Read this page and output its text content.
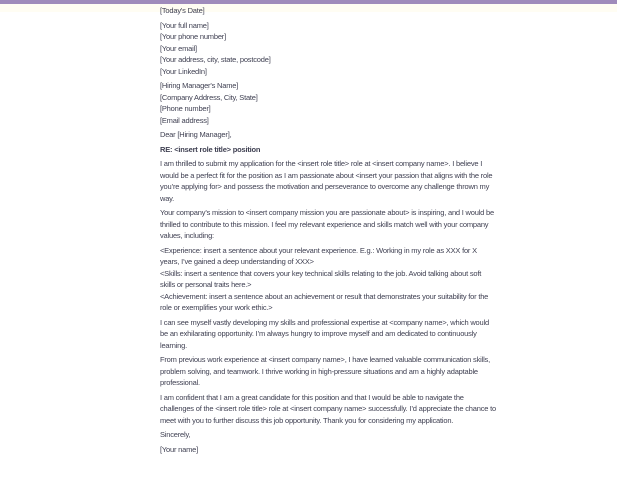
[Today's Date]

[Your full name]
[Your phone number]
[Your email]
[Your address, city, state, postcode]
[Your LinkedIn]
[Hiring Manager's Name]
[Company Address, City, State]
[Phone number]
[Email address]

Dear [Hiring Manager],

RE: <insert role title> position

I am thrilled to submit my application for the <insert role title> role at <insert company name>. I believe I would be a perfect fit for the position as I am passionate about <insert your passion that aligns with the role you’re applying for> and possess the motivation and perseverance to overcome any challenge thrown my way.

Your company’s mission to <insert company mission you are passionate about> is inspiring, and I would be thrilled to contribute to this mission. I feel my relevant experience and skills match well with your company values, including:

<Experience: insert a sentence about your relevant experience. E.g.: Working in my role as XXX for X years, I’ve gained a deep understanding of XXX>
<Skills: insert a sentence that covers your key technical skills relating to the job. Avoid talking about soft skills or personal traits here.>
<Achievement: insert a sentence about an achievement or result that demonstrates your suitability for the role or exemplifies your work ethic.>

I can see myself vastly developing my skills and professional expertise at <company name>, which would be an exhilarating opportunity. I’m always hungry to improve myself and am dedicated to continuously learning.

From previous work experience at <insert company name>, I have learned valuable communication skills, problem solving, and teamwork. I thrive working in high-pressure situations and am a highly adaptable professional.

I am confident that I am a great candidate for this position and that I would be able to navigate the challenges of the <insert role title> role at <insert company name> successfully. I’d appreciate the chance to meet with you to further discuss this job opportunity. Thank you for considering my application.

Sincerely,

[Your name]
